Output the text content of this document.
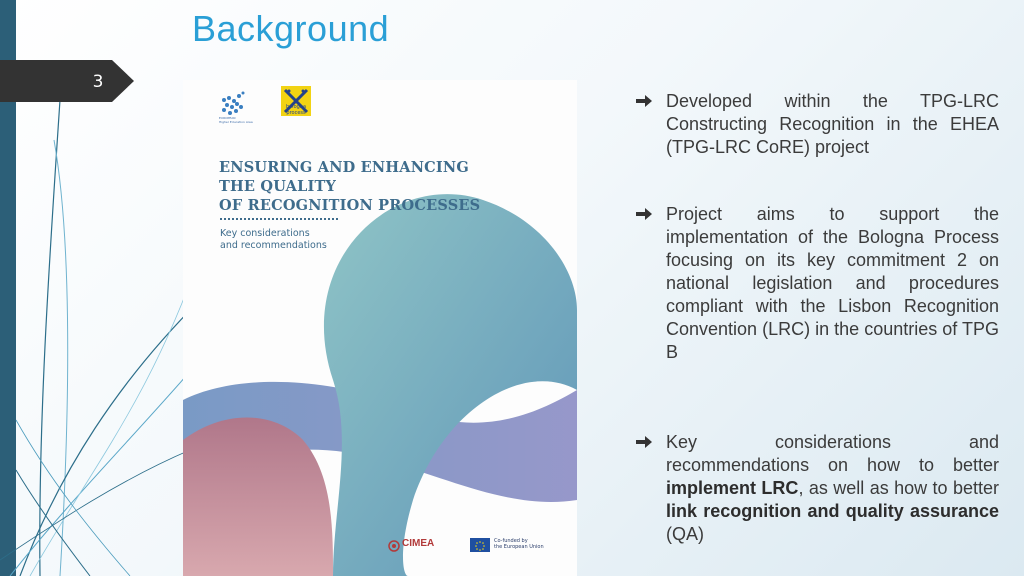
3
Background
EUROPEAN
Higher Education Area
bologna
process
ENSURING AND ENHANCING
THE QUALITY
OF RECOGNITION PROCESSES
Key considerations
and recommendations
CIMEA	Co-funded by
the European Union
Developed within the TPG-LRC Constructing Recognition in the EHEA (TPG-LRC CoRE) project
Project aims to support the implementation of the Bologna Process focusing on its key commitment 2 on national legislation and procedures compliant with the Lisbon Recognition Convention (LRC) in the countries of TPG B
Key considerations and recommendations on how to better implement LRC, as well as how to better link recognition and quality assurance (QA)
